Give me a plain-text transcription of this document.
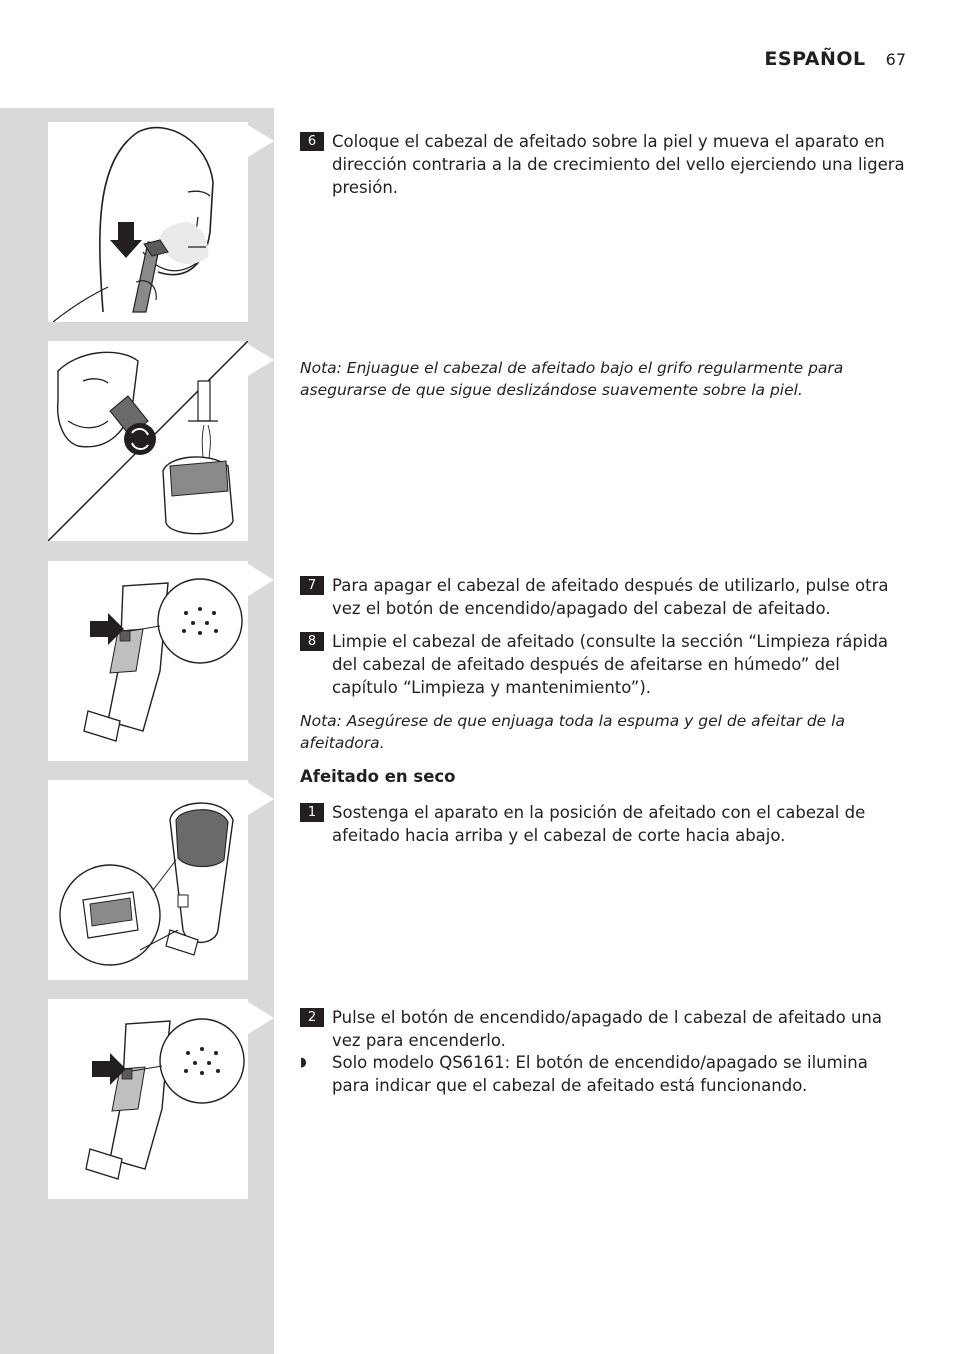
ESPAÑOL 67
6 Coloque el cabezal de afeitado sobre la piel y mueva el aparato en dirección contraria a la de crecimiento del vello ejerciendo una ligera presión.
Nota: Enjuague el cabezal de afeitado bajo el grifo regularmente para asegurarse de que sigue deslizándose suavemente sobre la piel.
7 Para apagar el cabezal de afeitado después de utilizarlo, pulse otra vez el botón de encendido/apagado del cabezal de afeitado.
8 Limpie el cabezal de afeitado (consulte la sección “Limpieza rápida del cabezal de afeitado después de afeitarse en húmedo” del capítulo “Limpieza y mantenimiento”).
Nota: Asegúrese de que enjuaga toda la espuma y gel de afeitar de la afeitadora.
Afeitado en seco
1 Sostenga el aparato en la posición de afeitado con el cabezal de afeitado hacia arriba y el cabezal de corte hacia abajo.
2 Pulse el botón de encendido/apagado de l cabezal de afeitado una vez para encenderlo.
◗	Solo modelo QS6161: El botón de encendido/apagado se ilumina para indicar que el cabezal de afeitado está funcionando.
